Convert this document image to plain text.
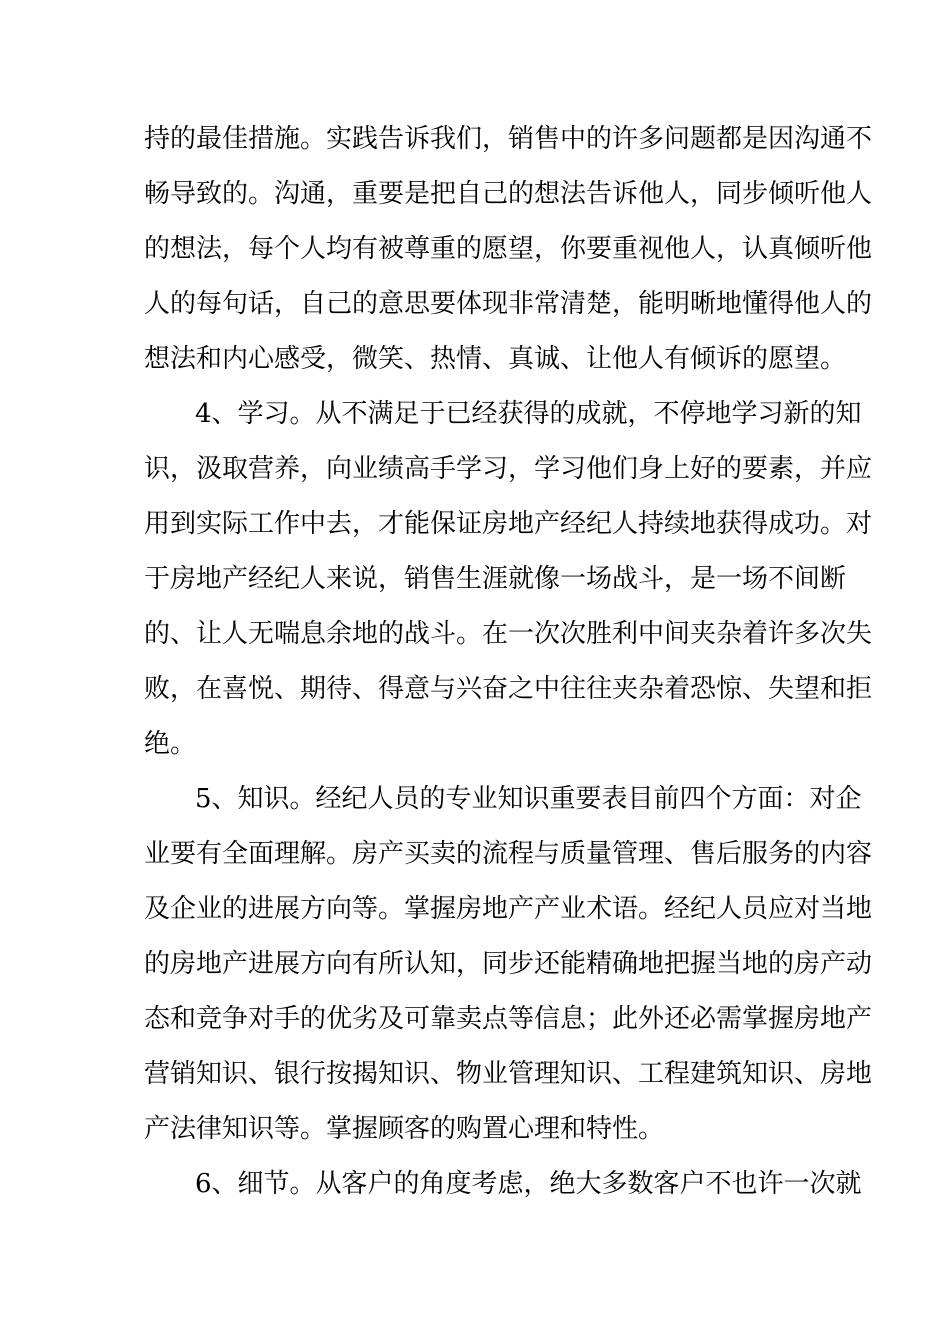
持的最佳措施。实践告诉我们，销售中的许多问题都是因沟通不
畅导致的。沟通，重要是把自己的想法告诉他人，同步倾听他人
的想法，每个人均有被尊重的愿望，你要重视他人，认真倾听他
人的每句话，自己的意思要体现非常清楚，能明晰地懂得他人的
想法和内心感受，微笑、热情、真诚、让他人有倾诉的愿望。
4、学习。从不满足于已经获得的成就，不停地学习新的知
识，汲取营养，向业绩高手学习，学习他们身上好的要素，并应
用到实际工作中去，才能保证房地产经纪人持续地获得成功。对
于房地产经纪人来说，销售生涯就像一场战斗，是一场不间断
的、让人无喘息余地的战斗。在一次次胜利中间夹杂着许多次失
败，在喜悦、期待、得意与兴奋之中往往夹杂着恐惊、失望和拒
绝。
5、知识。经纪人员的专业知识重要表目前四个方面：对企
业要有全面理解。房产买卖的流程与质量管理、售后服务的内容
及企业的进展方向等。掌握房地产产业术语。经纪人员应对当地
的房地产进展方向有所认知，同步还能精确地把握当地的房产动
态和竞争对手的优劣及可靠卖点等信息；此外还必需掌握房地产
营销知识、银行按揭知识、物业管理知识、工程建筑知识、房地
产法律知识等。掌握顾客的购置心理和特性。
6、细节。从客户的角度考虑，绝大多数客户不也许一次就
